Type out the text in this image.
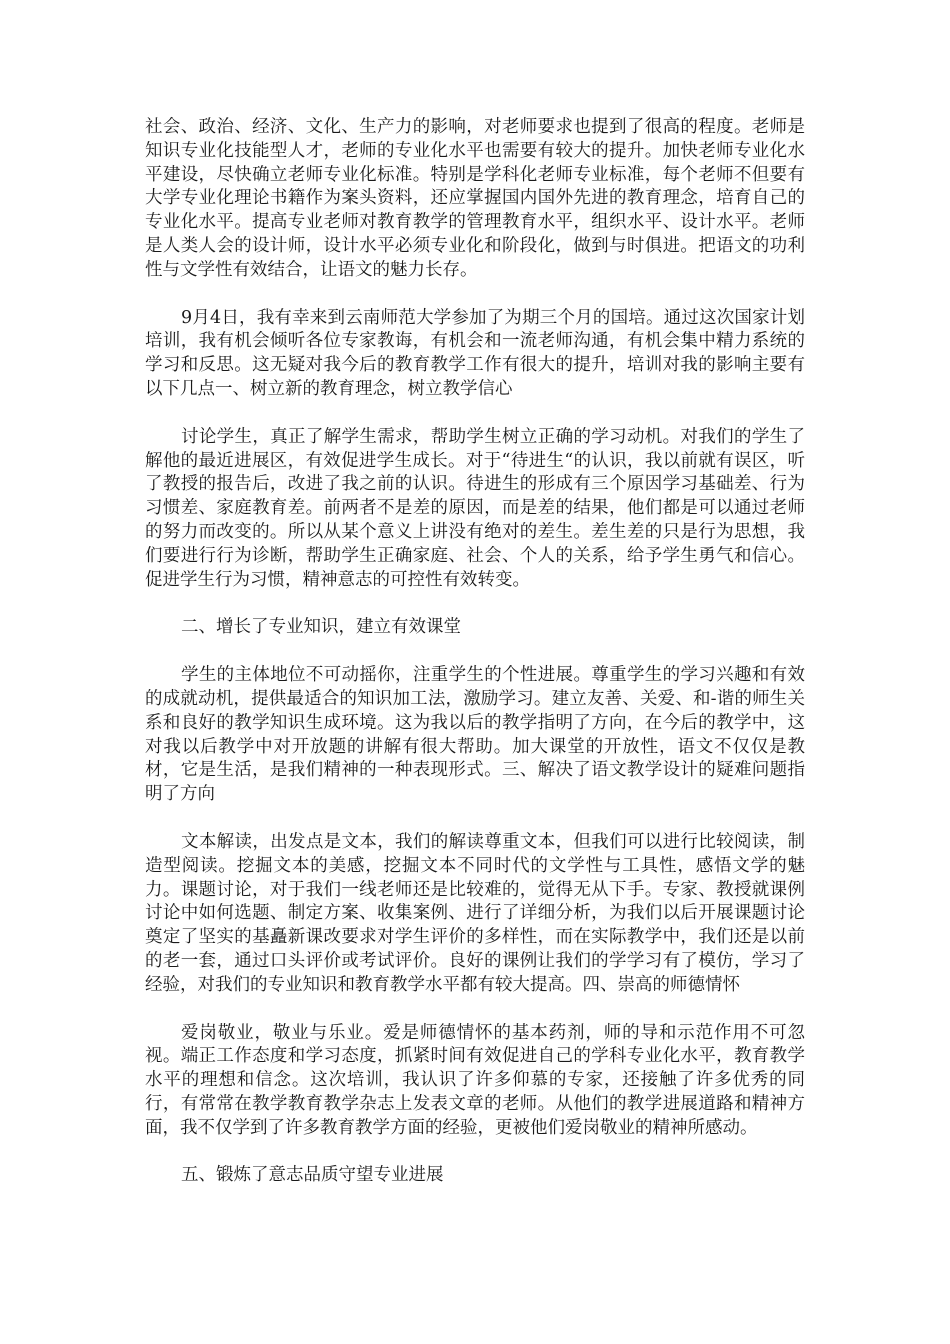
社会、政治、经济、文化、生产力的影响，对老师要求也提到了很高的程度。老师是知识专业化技能型人才，老师的专业化水平也需要有较大的提升。加快老师专业化水平建设，尽快确立老师专业化标准。特别是学科化老师专业标准，每个老师不但要有大学专业化理论书籍作为案头资料，还应掌握国内国外先进的教育理念，培育自己的专业化水平。提高专业老师对教育教学的管理教育水平，组织水平、设计水平。老师是人类人会的设计师，设计水平必须专业化和阶段化，做到与时俱进。把语文的功利性与文学性有效结合，让语文的魅力长存。

9月4日，我有幸来到云南师范大学参加了为期三个月的国培。通过这次国家计划培训，我有机会倾听各位专家教诲，有机会和一流老师沟通，有机会集中精力系统的学习和反思。这无疑对我今后的教育教学工作有很大的提升，培训对我的影响主要有以下几点一、树立新的教育理念，树立教学信心

讨论学生，真正了解学生需求，帮助学生树立正确的学习动机。对我们的学生了解他的最近进展区，有效促进学生成长。对于“待进生“的认识，我以前就有误区，听了教授的报告后，改进了我之前的认识。待进生的形成有三个原因学习基础差、行为习惯差、家庭教育差。前两者不是差的原因，而是差的结果，他们都是可以通过老师的努力而改变的。所以从某个意义上讲没有绝对的差生。差生差的只是行为思想，我们要进行行为诊断，帮助学生正确家庭、社会、个人的关系，给予学生勇气和信心。促进学生行为习惯，精神意志的可控性有效转变。

二、增长了专业知识，建立有效课堂

学生的主体地位不可动摇你，注重学生的个性进展。尊重学生的学习兴趣和有效的成就动机，提供最适合的知识加工法，激励学习。建立友善、关爱、和-谐的师生关系和良好的教学知识生成环境。这为我以后的教学指明了方向，在今后的教学中，这对我以后教学中对开放题的讲解有很大帮助。加大课堂的开放性，语文不仅仅是教材，它是生活，是我们精神的一种表现形式。三、解决了语文教学设计的疑难问题指明了方向

文本解读，出发点是文本，我们的解读尊重文本，但我们可以进行比较阅读，制造型阅读。挖掘文本的美感，挖掘文本不同时代的文学性与工具性，感悟文学的魅力。课题讨论，对于我们一线老师还是比较难的，觉得无从下手。专家、教授就课例讨论中如何选题、制定方案、收集案例、进行了详细分析，为我们以后开展课题讨论奠定了坚实的基矗新课改要求对学生评价的多样性，而在实际教学中，我们还是以前的老一套，通过口头评价或考试评价。良好的课例让我们的学学习有了模仿，学习了经验，对我们的专业知识和教育教学水平都有较大提高。四、崇高的师德情怀

爱岗敬业，敬业与乐业。爱是师德情怀的基本药剂，师的导和示范作用不可忽视。端正工作态度和学习态度，抓紧时间有效促进自己的学科专业化水平，教育教学水平的理想和信念。这次培训，我认识了许多仰慕的专家，还接触了许多优秀的同行，有常常在教学教育教学杂志上发表文章的老师。从他们的教学进展道路和精神方面，我不仅学到了许多教育教学方面的经验，更被他们爱岗敬业的精神所感动。

五、锻炼了意志品质守望专业进展
